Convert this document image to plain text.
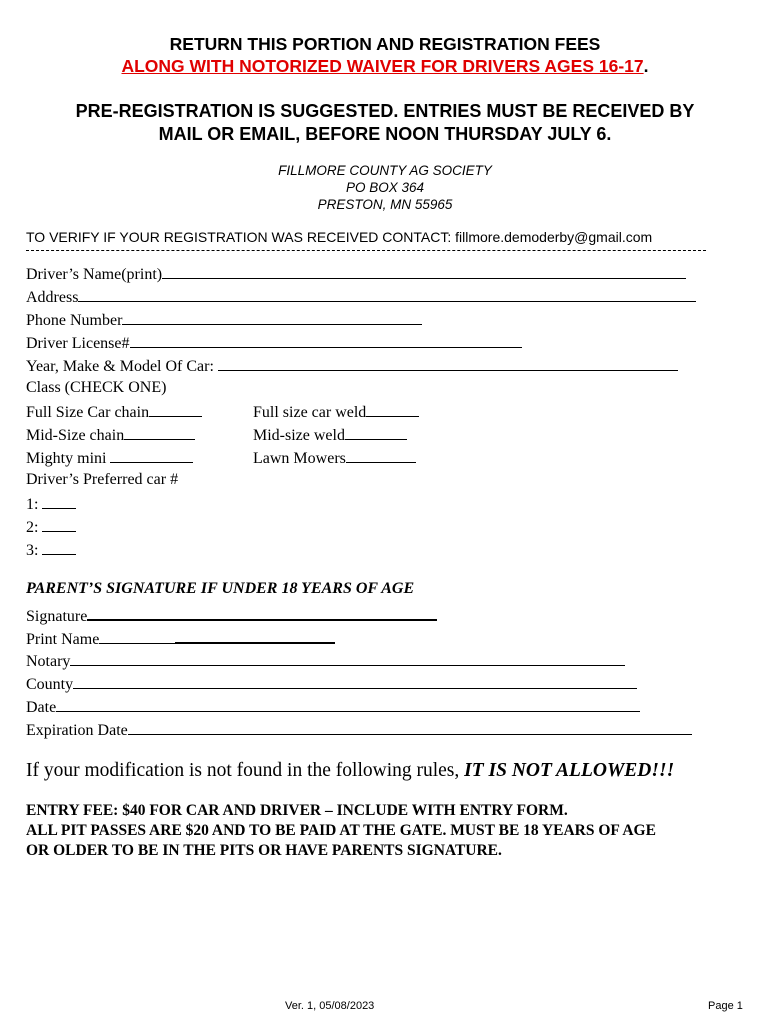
RETURN THIS PORTION AND REGISTRATION FEES
ALONG WITH NOTORIZED WAIVER FOR DRIVERS AGES 16-17.
PRE-REGISTRATION IS SUGGESTED. ENTRIES MUST BE RECEIVED BY
MAIL OR EMAIL, BEFORE NOON THURSDAY JULY 6.
FILLMORE COUNTY AG SOCIETY
PO BOX 364
PRESTON, MN 55965
TO VERIFY IF YOUR REGISTRATION WAS RECEIVED CONTACT: fillmore.demoderby@gmail.com
Driver’s Name(print)
Address
Phone Number
Driver License#
Year, Make & Model Of Car:
Class (CHECK ONE)
Full Size Car chain
Mid-Size chain
Mighty mini
Full size car weld
Mid-size weld
Lawn Mowers
Driver’s Preferred car #
1:
2:
3:
PARENT’S SIGNATURE IF UNDER 18 YEARS OF AGE
Signature
Print Name
Notary
County
Date
Expiration Date
If your modification is not found in the following rules, IT IS NOT ALLOWED!!!
ENTRY FEE: $40 FOR CAR AND DRIVER – INCLUDE WITH ENTRY FORM.
ALL PIT PASSES ARE $20 AND TO BE PAID AT THE GATE. MUST BE 18 YEARS OF AGE
OR OLDER TO BE IN THE PITS OR HAVE PARENTS SIGNATURE.
Ver. 1, 05/08/2023	Page 1
